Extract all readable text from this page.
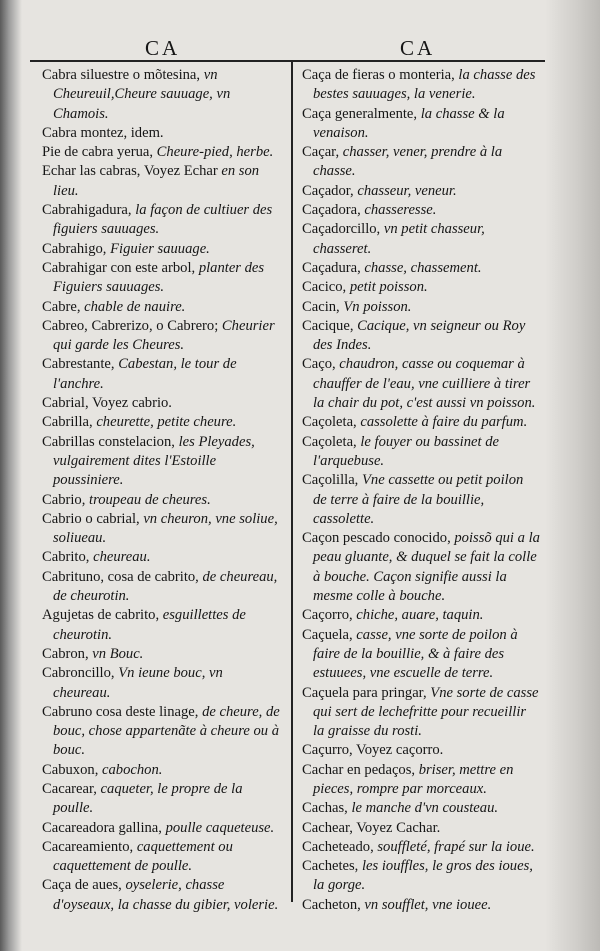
CA	CA

Cabra siluestre o mõtesina, vn Cheureuil,Cheure sauuage, vn Chamois.

Cabra montez, idem.

Pie de cabra yerua, Cheure-pied, herbe.

Echar las cabras, Voyez Echar en son lieu.

Cabrahigadura, la façon de cultiuer des figuiers sauuages.

Cabrahigo, Figuier sauuage.

Cabrahigar con este arbol, planter des Figuiers sauuages.

Cabre, chable de nauire.

Cabreo, Cabrerizo, o Cabrero; Cheurier qui garde les Cheures.

Cabrestante, Cabestan, le tour de l'anchre.

Cabrial, Voyez cabrio.

Cabrilla, cheurette, petite cheure.

Cabrillas constelacion, les Pleyades, vulgairement dites l'Estoille poussiniere.

Cabrio, troupeau de cheures.

Cabrio o cabrial, vn cheuron, vne soliue, soliueau.

Cabrito, cheureau.

Cabrituno, cosa de cabrito, de cheureau, de cheurotin.

Agujetas de cabrito, esguillettes de cheurotin.

Cabron, vn Bouc.

Cabroncillo, Vn ieune bouc, vn cheureau.

Cabruno cosa deste linage, de cheure, de bouc, chose appartenãte à cheure ou à bouc.

Cabuxon, cabochon.

Cacarear, caqueter, le propre de la poulle.

Cacareadora gallina, poulle caqueteuse.

Cacareamiento, caquettement ou caquettement de poulle.

Caça de aues, oyselerie, chasse d'oyseaux, la chasse du gibier, volerie.

Caça de fieras o monteria, la chasse des bestes sauuages, la venerie.

Caça generalmente, la chasse & la venaison.

Caçar, chasser, vener, prendre à la chasse.

Caçador, chasseur, veneur.

Caçadora, chasseresse.

Caçadorcillo, vn petit chasseur, chasseret.

Caçadura, chasse, chassement.

Cacico, petit poisson.

Cacin, Vn poisson.

Cacique, Cacique, vn seigneur ou Roy des Indes.

Caço, chaudron, casse ou coquemar à chauffer de l'eau, vne cuilliere à tirer la chair du pot, c'est aussi vn poisson.

Caçoleta, cassolette à faire du parfum.

Caçoleta, le fouyer ou bassinet de l'arquebuse.

Caçolilla, Vne cassette ou petit poilon de terre à faire de la bouillie, cassolette.

Caçon pescado conocido, poissõ qui a la peau gluante, & duquel se fait la colle à bouche. Caçon signifie aussi la mesme colle à bouche.

Caçorro, chiche, auare, taquin.

Caçuela, casse, vne sorte de poilon à faire de la bouillie, & à faire des estuuees, vne escuelle de terre.

Caçuela para pringar, Vne sorte de casse qui sert de lechefritte pour recueillir la graisse du rosti.

Caçurro, Voyez caçorro.

Cachar en pedaços, briser, mettre en pieces, rompre par morceaux.

Cachas, le manche d'vn cousteau.

Cachear, Voyez Cachar.

Cacheteado, souffleté, frapé sur la ioue.

Cachetes, les iouffles, le gros des ioues, la gorge.

Cacheton, vn soufflet, vne iouee.
